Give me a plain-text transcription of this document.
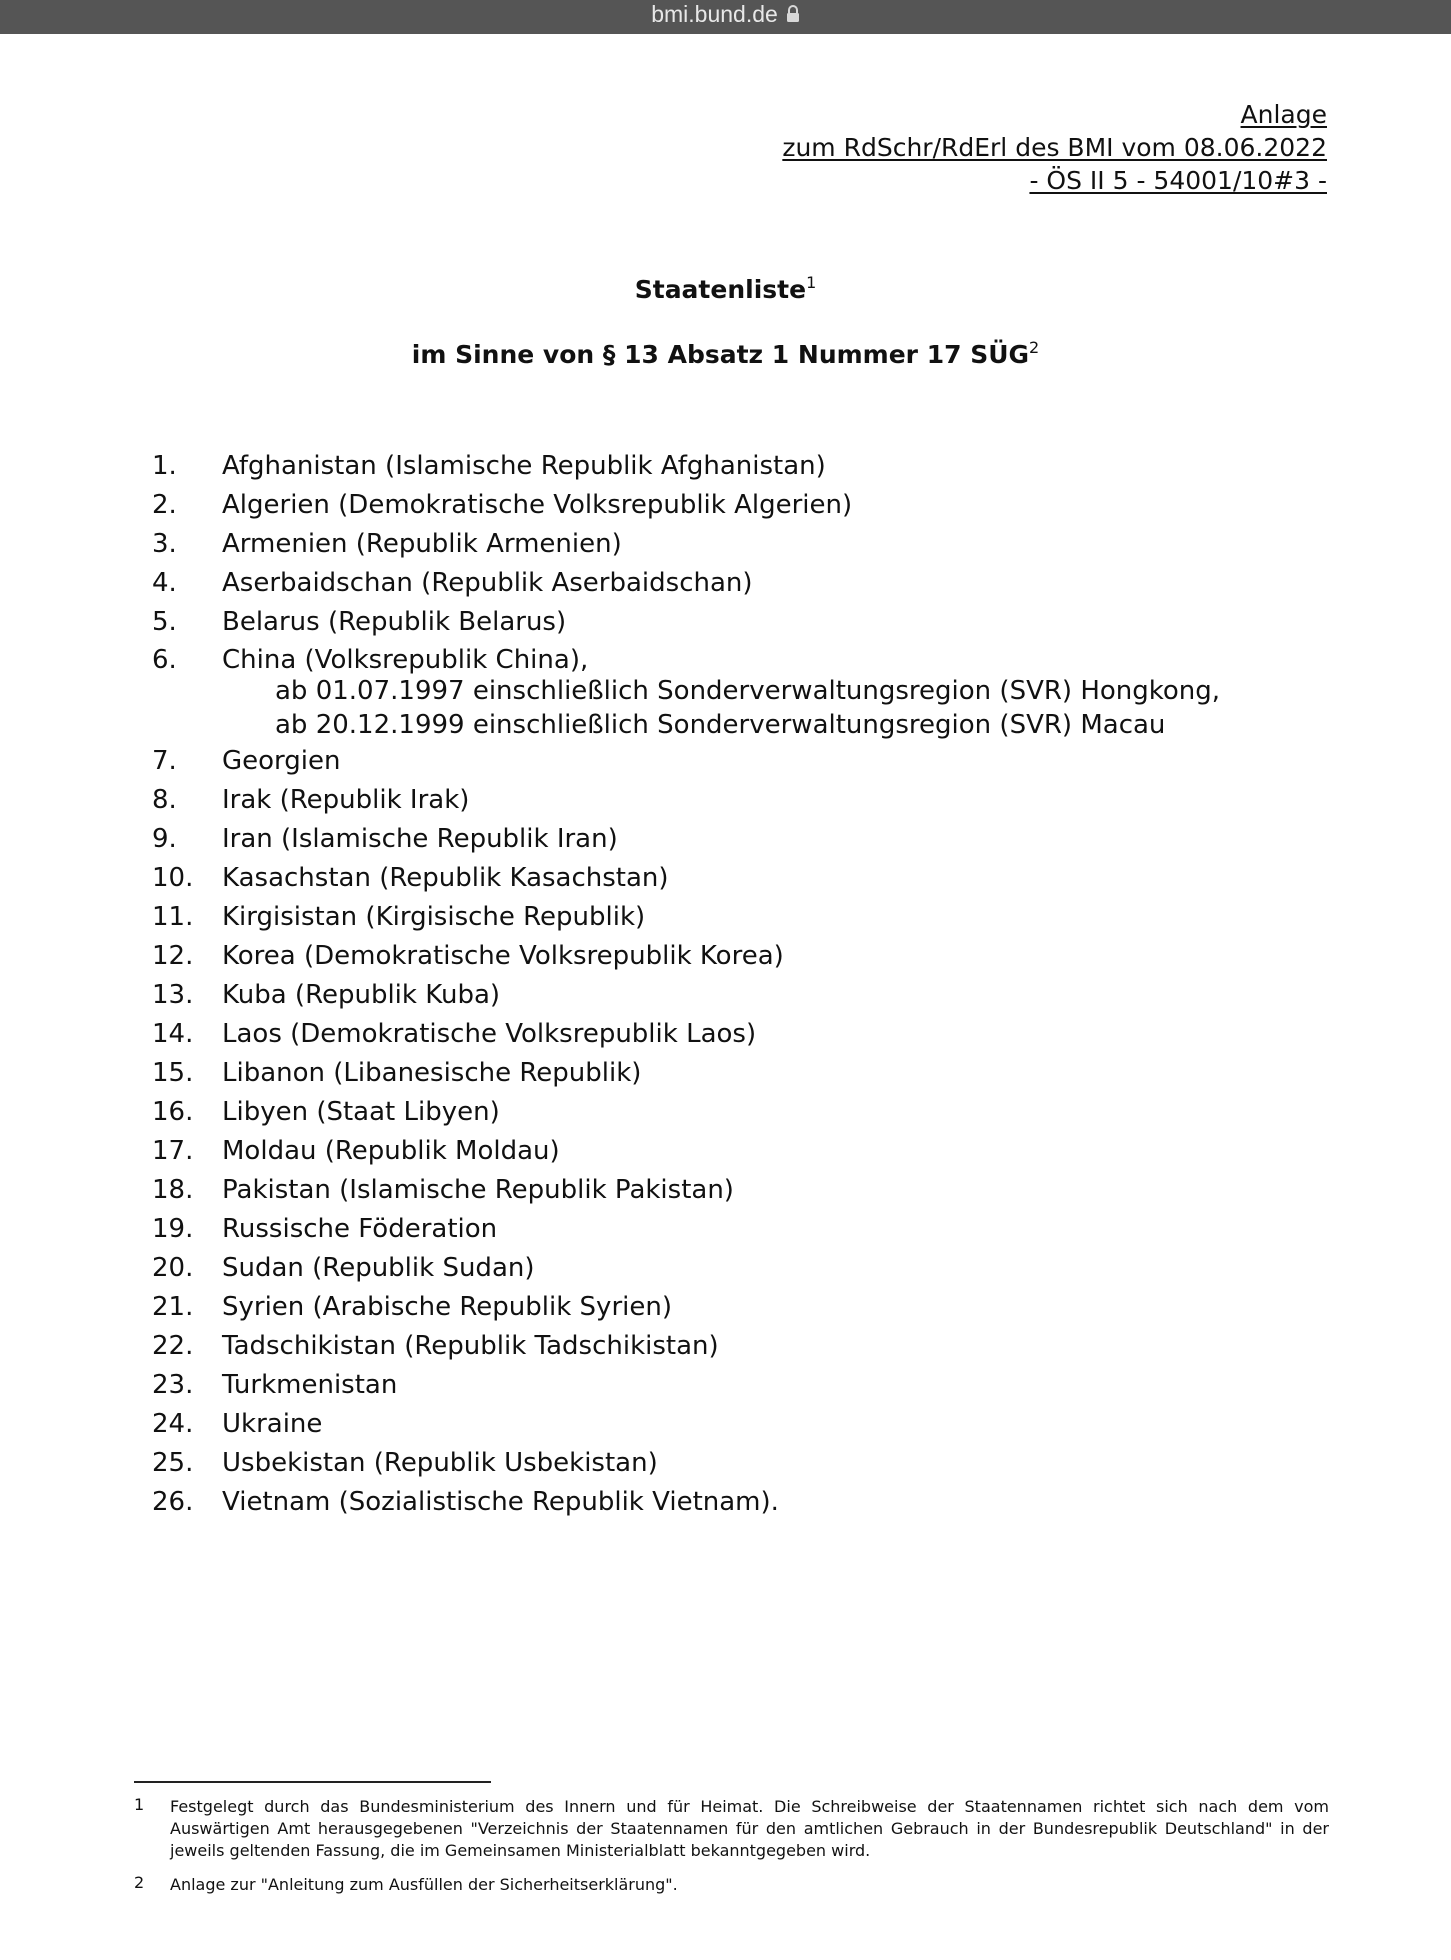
bmi.bund.de
Anlage
zum RdSchr/RdErl des BMI vom 08.06.2022
- ÖS II 5 - 54001/10#3 -
Staatenliste$^1$
im Sinne von § 13 Absatz 1 Nummer 17 SÜG$^2$
1.	Afghanistan (Islamische Republik Afghanistan)
2.	Algerien (Demokratische Volksrepublik Algerien)
3.	Armenien (Republik Armenien)
4.	Aserbaidschan (Republik Aserbaidschan)
5.	Belarus (Republik Belarus)
6.	China (Volksrepublik China),
ab 01.07.1997 einschließlich Sonderverwaltungsregion (SVR) Hongkong,
ab 20.12.1999 einschließlich Sonderverwaltungsregion (SVR) Macau
7.	Georgien
8.	Irak (Republik Irak)
9.	Iran (Islamische Republik Iran)
10.	Kasachstan (Republik Kasachstan)
11.	Kirgisistan (Kirgisische Republik)
12.	Korea (Demokratische Volksrepublik Korea)
13.	Kuba (Republik Kuba)
14.	Laos (Demokratische Volksrepublik Laos)
15.	Libanon (Libanesische Republik)
16.	Libyen (Staat Libyen)
17.	Moldau (Republik Moldau)
18.	Pakistan (Islamische Republik Pakistan)
19.	Russische Föderation
20.	Sudan (Republik Sudan)
21.	Syrien (Arabische Republik Syrien)
22.	Tadschikistan (Republik Tadschikistan)
23.	Turkmenistan
24.	Ukraine
25.	Usbekistan (Republik Usbekistan)
26.	Vietnam (Sozialistische Republik Vietnam).
1	Festgelegt durch das Bundesministerium des Innern und für Heimat. Die Schreibweise der Staatennamen richtet sich nach dem vom Auswärtigen Amt herausgegebenen "Verzeichnis der Staatennamen für den amtlichen Gebrauch in der Bundesrepublik Deutschland" in der jeweils geltenden Fassung, die im Gemeinsamen Ministerialblatt bekanntgegeben wird.
2	Anlage zur "Anleitung zum Ausfüllen der Sicherheitserklärung".
